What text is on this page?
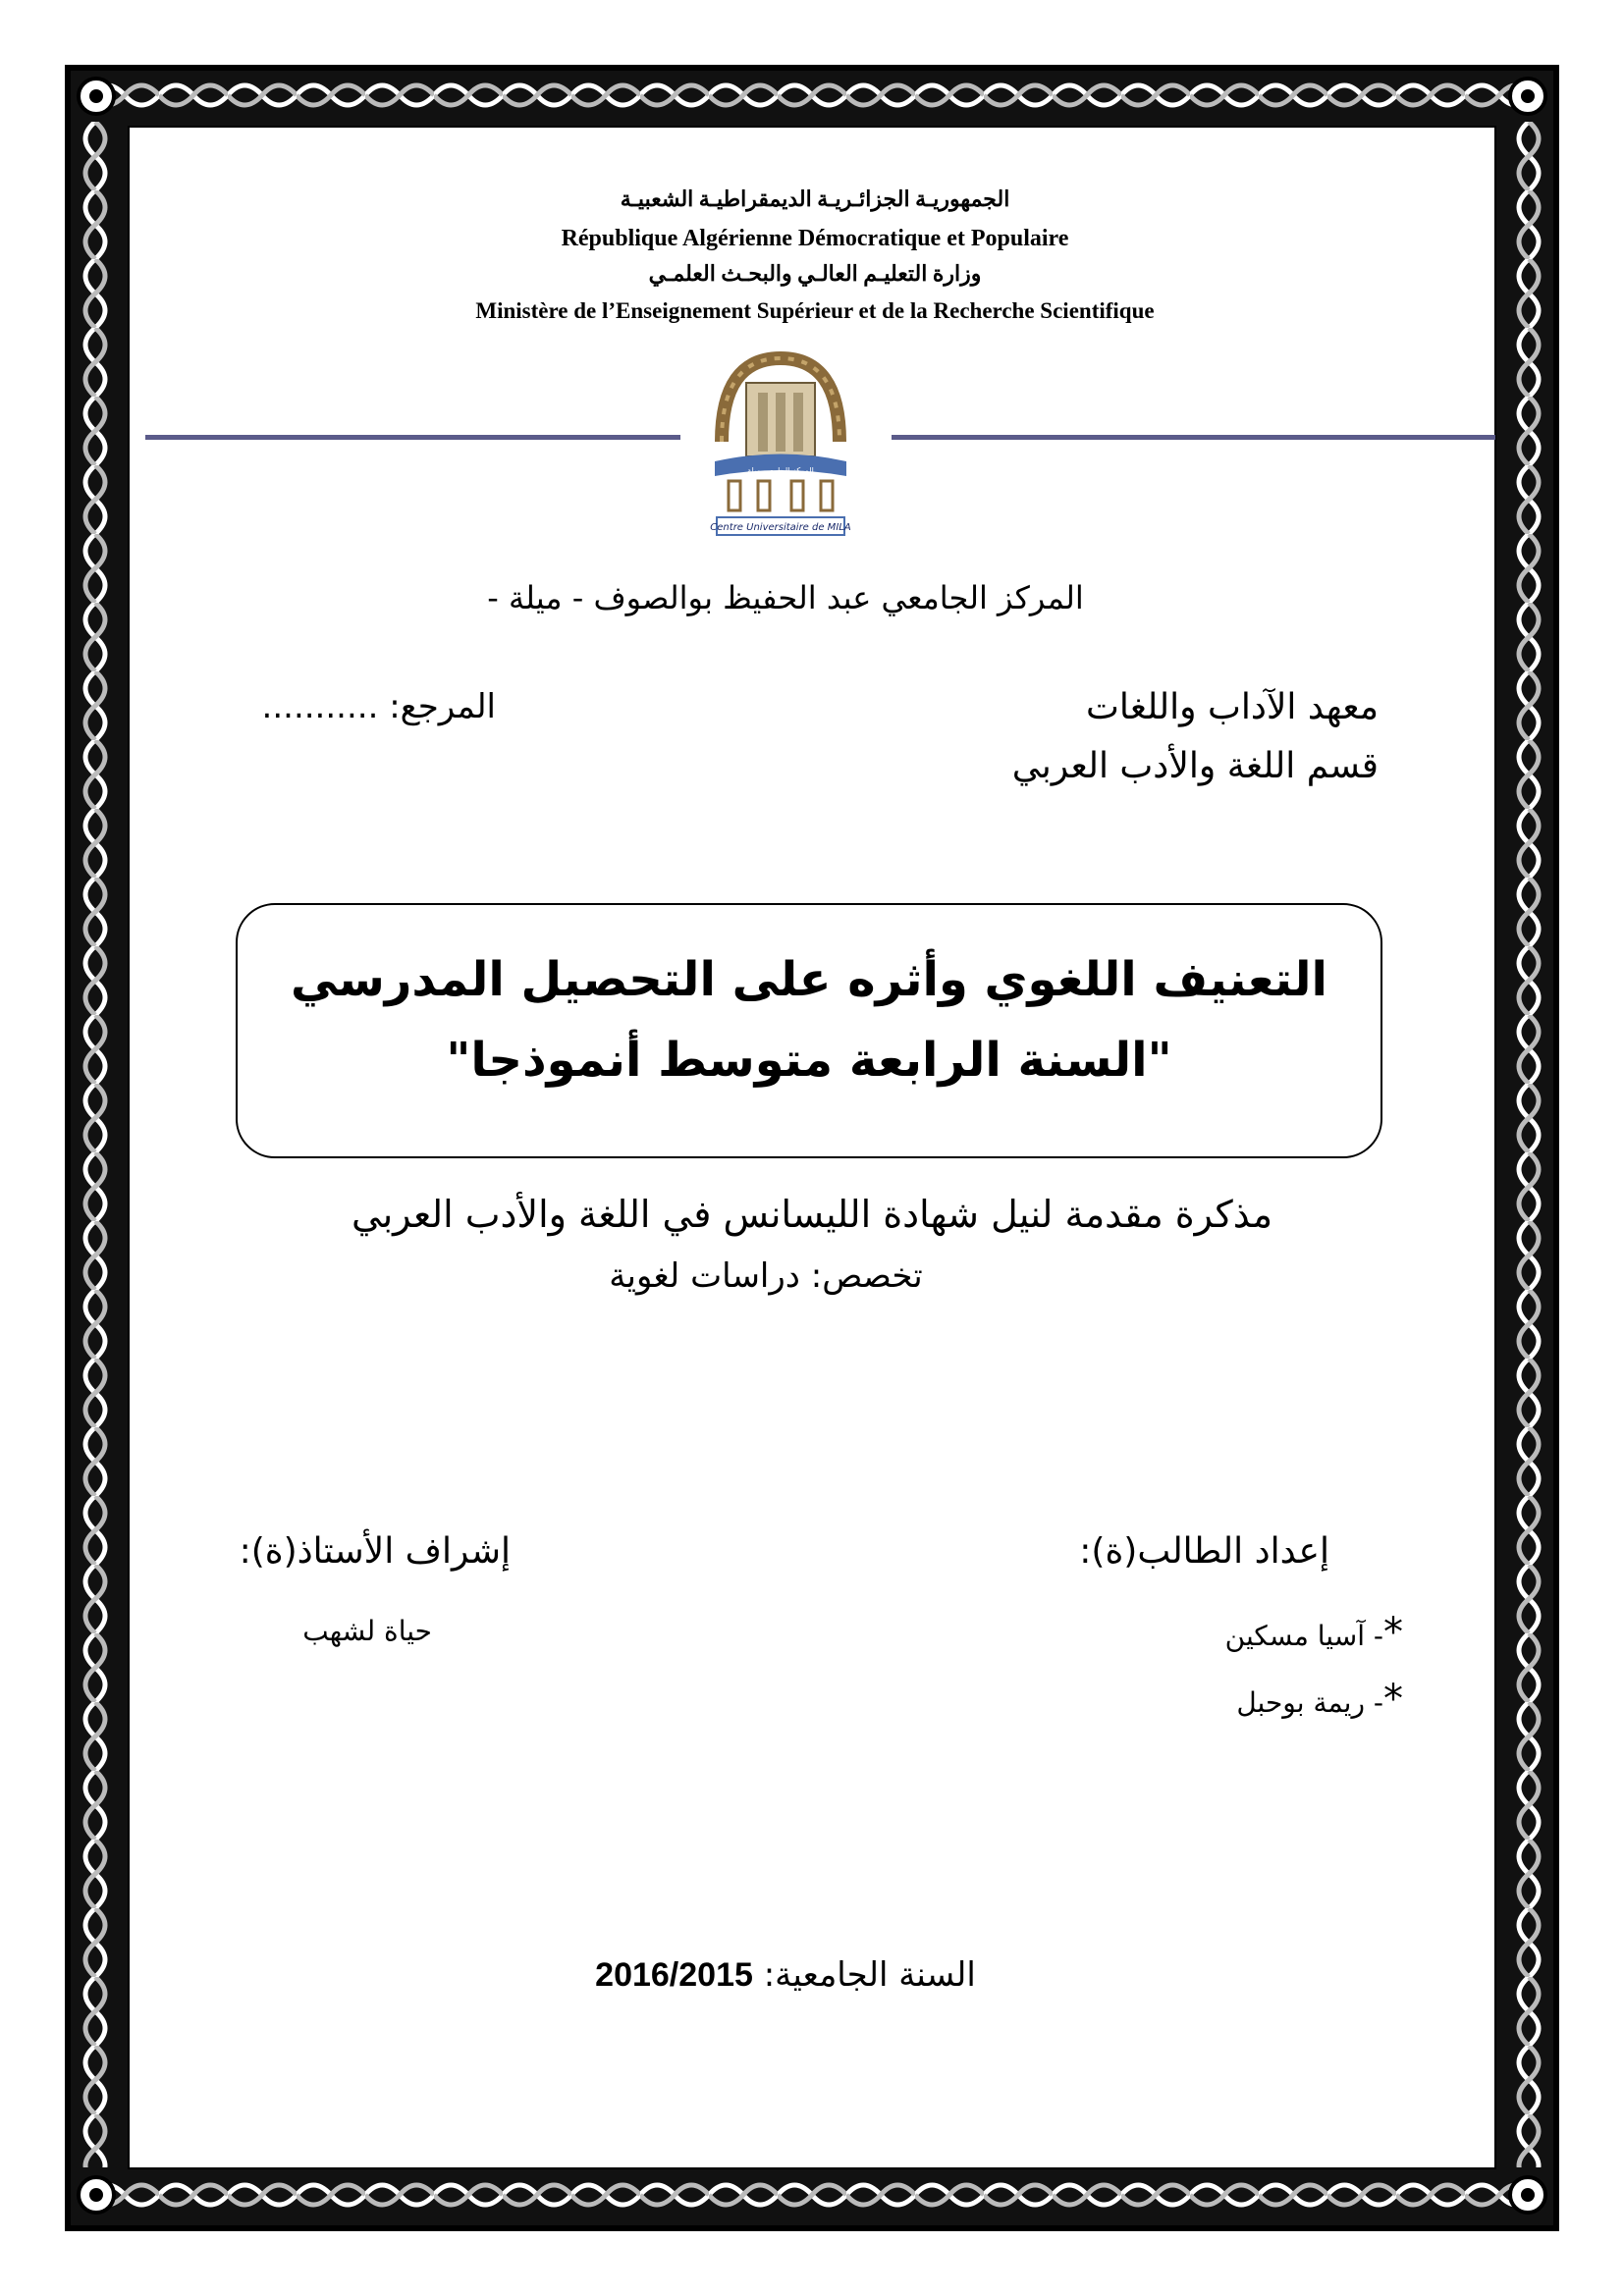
الجمهوريـة الجزائـريـة الديمقراطيـة الشعبيـة
République Algérienne Démocratique et Populaire
وزارة التعليـم العالـي والبحـث العلمـي
Ministère de l’Enseignement Supérieur et de la Recherche Scientifique
المركز الجامعي ميلة
Centre Universitaire de MILA
المركز الجامعي عبد الحفيظ بوالصوف - ميلة -
معهد الآداب واللغات
قسم اللغة والأدب العربي
المرجع: ...........
التعنيف اللغوي وأثره على التحصيل المدرسي
"السنة الرابعة متوسط أنموذجا"
مذكرة مقدمة لنيل شهادة الليسانس في اللغة والأدب العربي
تخصص: دراسات لغوية
إعداد الطالب(ة):
*- آسيا مسكين
*- ريمة بوحبل
إشراف الأستاذ(ة):
حياة لشهب
السنة الجامعية: 2016/2015
